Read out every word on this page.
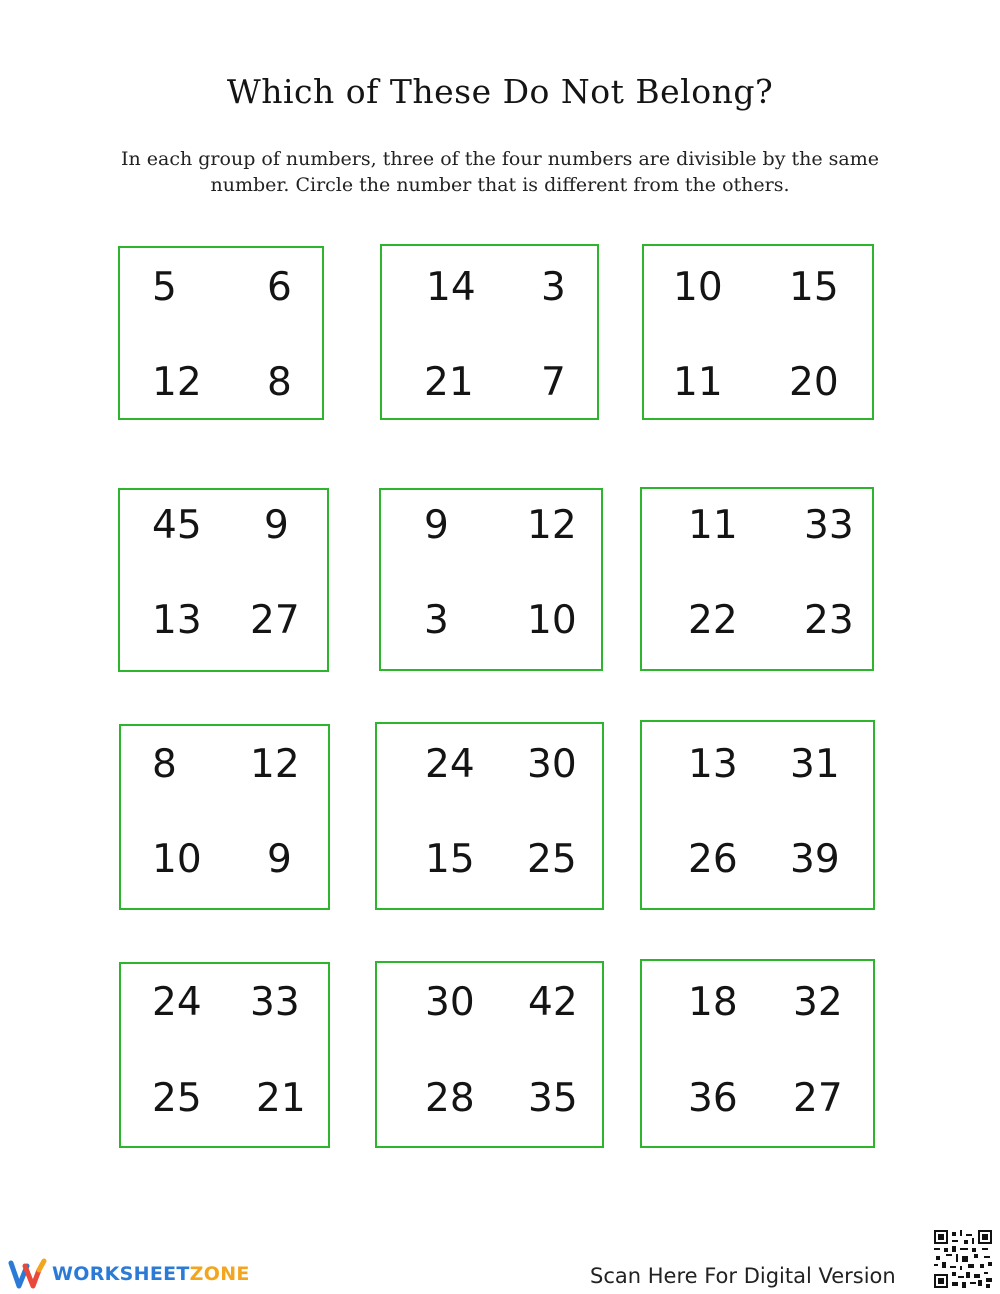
Which of These Do Not Belong?
In each group of numbers, three of the four numbers are divisible by the same number. Circle the number that is different from the others.
5 6
12 8
14 3
21 7
10 15
11 20
45 9
13 27
9 12
3 10
11 33
22 23
8 12
10 9
24 30
15 25
13 31
26 39
24 33
25 21
30 42
28 35
18 32
36 27
WORKSHEETZONE	Scan Here For Digital Version
